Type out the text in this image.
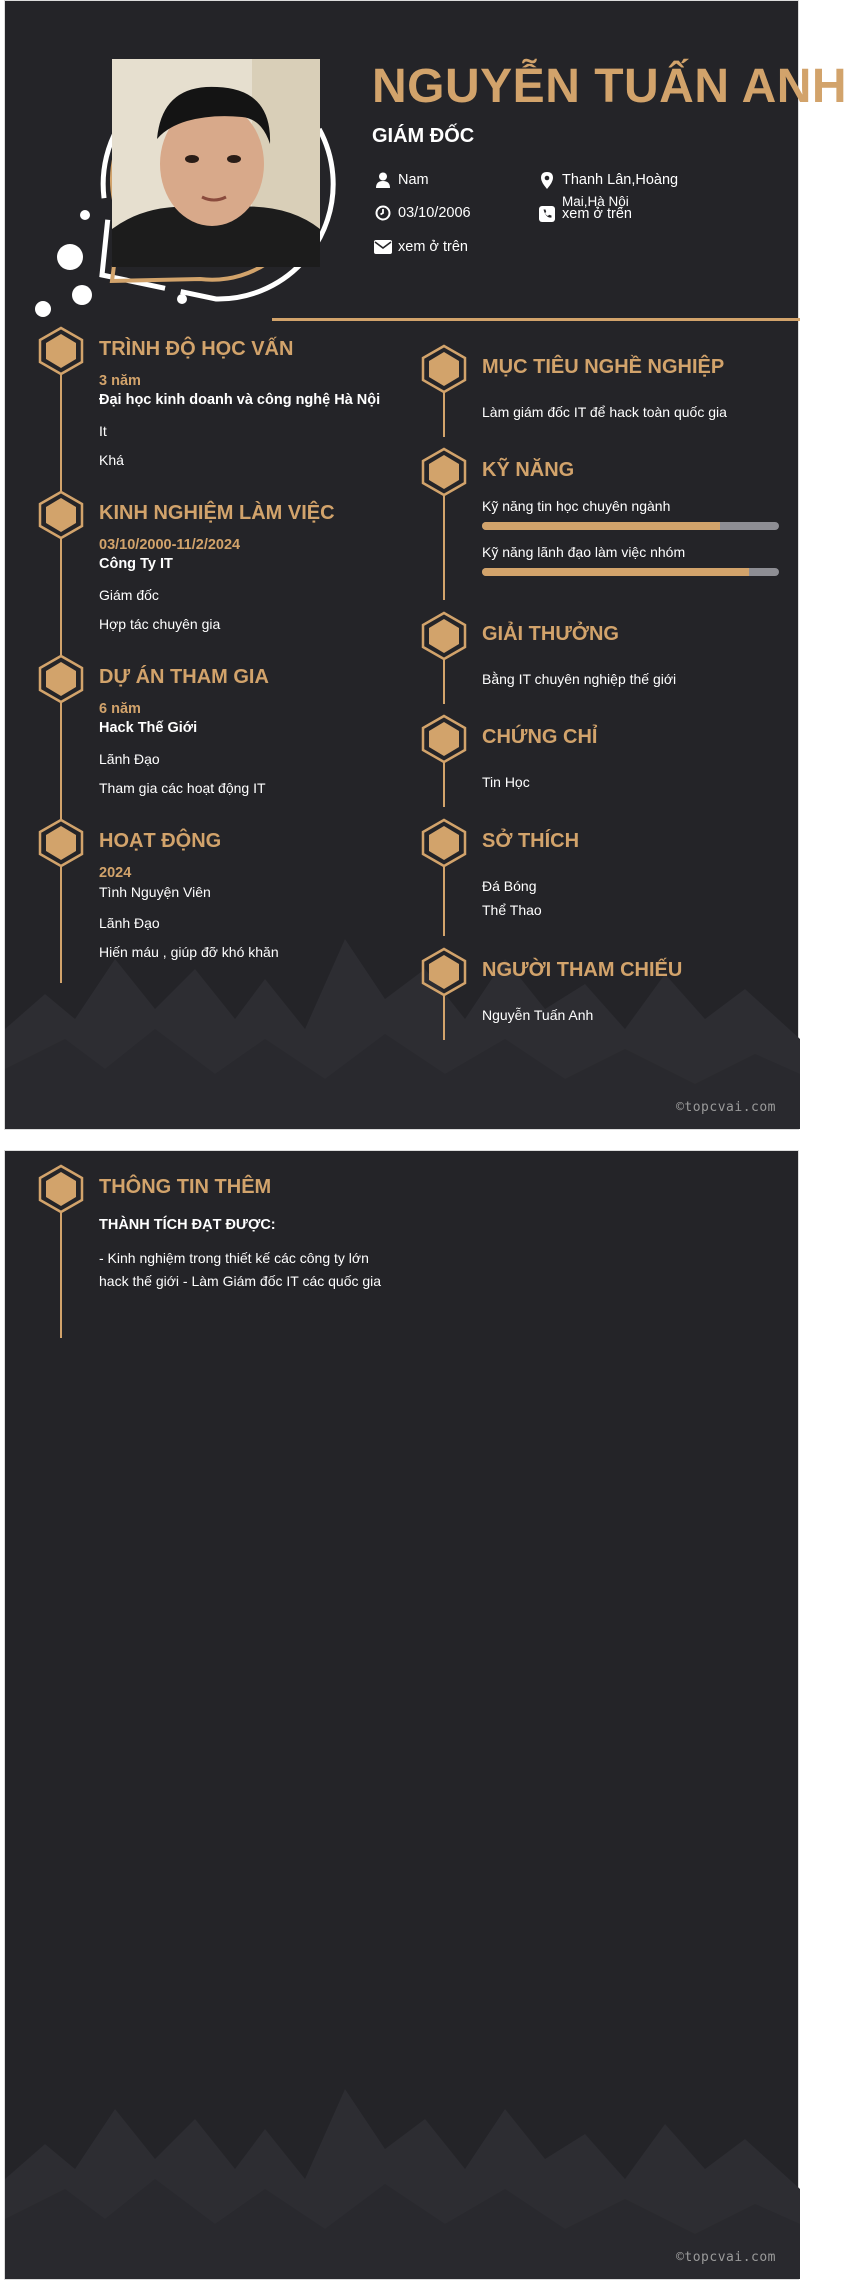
NGUYỄN TUẤN ANH
GIÁM ĐỐC
Nam
03/10/2006
xem ở trên
Thanh Lân,Hoàng
Mai,Hà Nội
xem ở trên
TRÌNH ĐỘ HỌC VẤN
3 năm
Đại học kinh doanh và công nghệ Hà Nội
It
Khá
KINH NGHIỆM LÀM VIỆC
03/10/2000-11/2/2024
Công Ty IT
Giám đốc
Hợp tác chuyên gia
DỰ ÁN THAM GIA
6 năm
Hack Thế Giới
Lãnh Đạo
Tham gia các hoạt động IT
HOẠT ĐỘNG
2024
Tình Nguyện Viên
Lãnh Đạo
Hiến máu , giúp đỡ khó khăn
MỤC TIÊU NGHỀ NGHIỆP
Làm giám đốc IT để hack toàn quốc gia
KỸ NĂNG
Kỹ năng tin học chuyên ngành
Kỹ năng lãnh đạo làm việc nhóm
GIẢI THƯỞNG
Bằng IT chuyên nghiệp thế giới
CHỨNG CHỈ
Tin Học
SỞ THÍCH
Đá Bóng
Thể Thao
NGƯỜI THAM CHIẾU
Nguyễn Tuấn Anh
©topcvai.com
THÔNG TIN THÊM
THÀNH TÍCH ĐẠT ĐƯỢC:
- Kinh nghiệm trong thiết kế các công ty lớn
hack thế giới - Làm Giám đốc IT các quốc gia
©topcvai.com
